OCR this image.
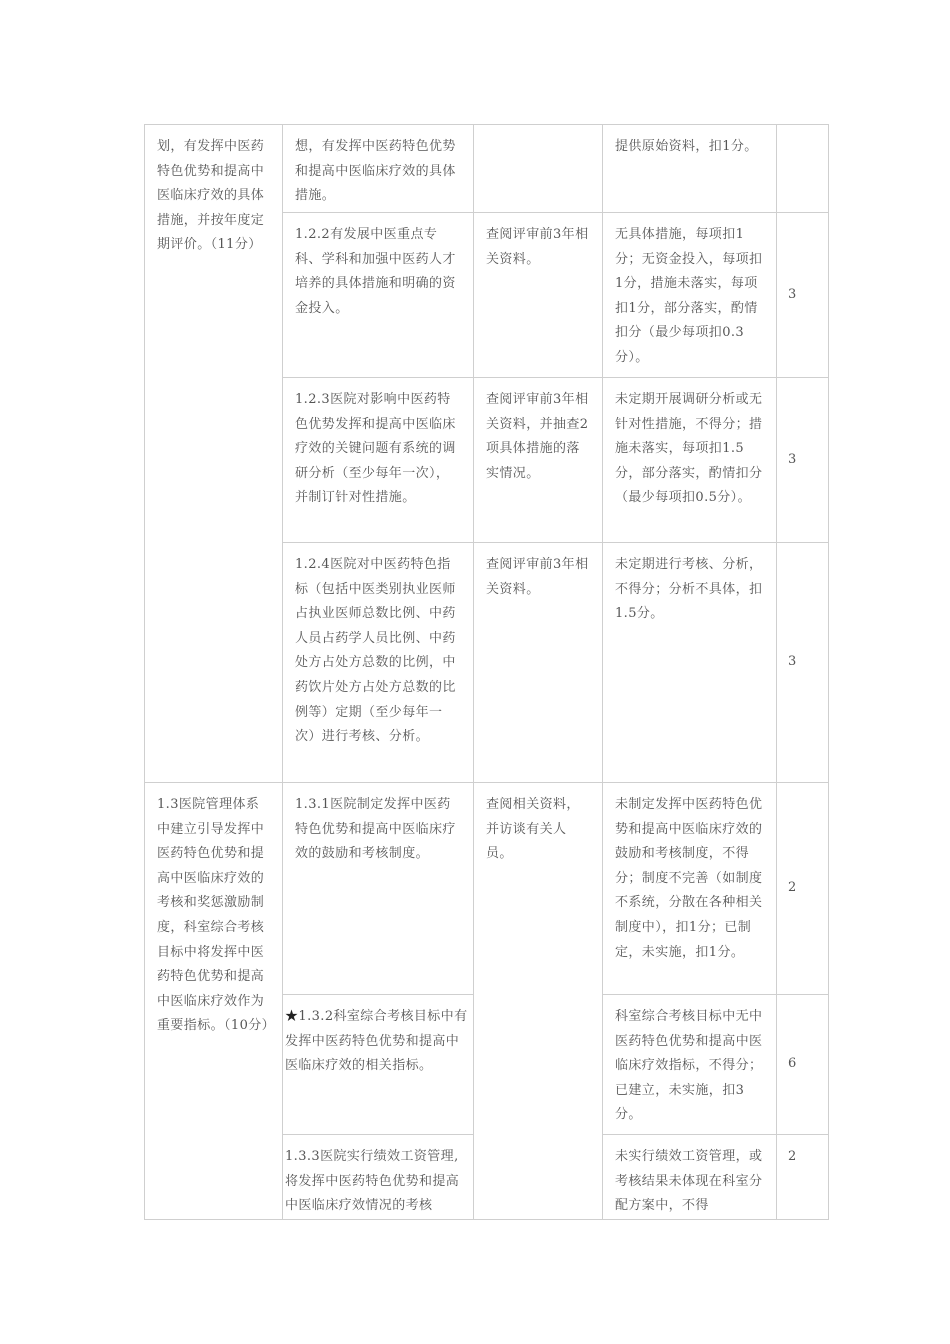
划，有发挥中医药特色优势和提高中医临床疗效的具体措施，并按年度定期评价。（11分）	想，有发挥中医药特色优势和提高中医临床疗效的具体措施。		提供原始资料，扣1分。	

	1.2.2有发展中医重点专科、学科和加强中医药人才培养的具体措施和明确的资金投入。	查阅评审前3年相关资料。	无具体措施，每项扣1分；无资金投入，每项扣1分，措施未落实，每项扣1分，部分落实，酌情扣分（最少每项扣0.3分）。	3

	1.2.3医院对影响中医药特色优势发挥和提高中医临床疗效的关键问题有系统的调研分析（至少每年一次），并制订针对性措施。	查阅评审前3年相关资料，并抽查2项具体措施的落实情况。	未定期开展调研分析或无针对性措施，不得分；措施未落实，每项扣1.5分，部分落实，酌情扣分（最少每项扣0.5分）。	3

	1.2.4医院对中医药特色指标（包括中医类别执业医师占执业医师总数比例、中药人员占药学人员比例、中药处方占处方总数的比例，中药饮片处方占处方总数的比例等）定期（至少每年一次）进行考核、分析。	查阅评审前3年相关资料。	未定期进行考核、分析，不得分；分析不具体，扣1.5分。	3

1.3医院管理体系中建立引导发挥中医药特色优势和提高中医临床疗效的考核和奖惩激励制度，科室综合考核目标中将发挥中医药特色优势和提高中医临床疗效作为重要指标。（10分）	1.3.1医院制定发挥中医药特色优势和提高中医临床疗效的鼓励和考核制度。	查阅相关资料，并访谈有关人员。	未制定发挥中医药特色优势和提高中医临床疗效的鼓励和考核制度，不得分；制度不完善（如制度不系统，分散在各种相关制度中），扣1分；已制定，未实施，扣1分。	2

	★1.3.2科室综合考核目标中有发挥中医药特色优势和提高中医临床疗效的相关指标。		科室综合考核目标中无中医药特色优势和提高中医临床疗效指标，不得分；已建立，未实施，扣3分。	6

	1.3.3医院实行绩效工资管理,将发挥中医药特色优势和提高中医临床疗效情况的考核		未实行绩效工资管理，或考核结果未体现在科室分配方案中，不得	2
